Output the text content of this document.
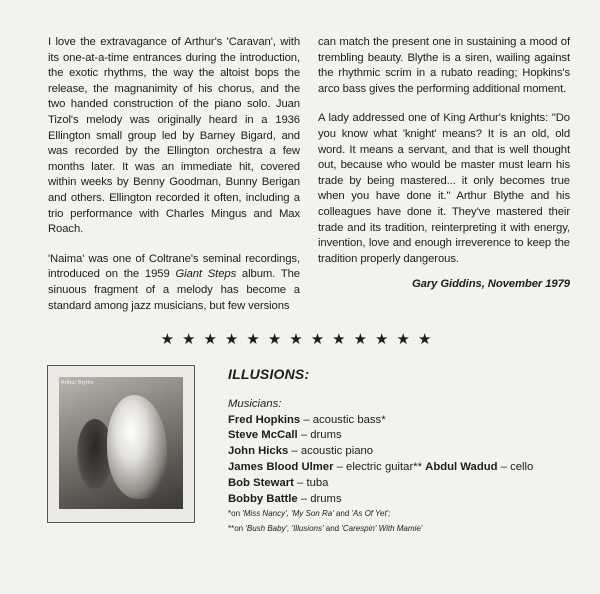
I love the extravagance of Arthur's 'Caravan', with its one-at-a-time entrances during the introduction, the exotic rhythms, the way the altoist bops the release, the magnanimity of his chorus, and the two handed construction of the piano solo. Juan Tizol's melody was originally heard in a 1936 Ellington small group led by Barney Bigard, and was recorded by the Ellington orchestra a few months later. It was an immediate hit, covered within weeks by Benny Goodman, Bunny Berigan and others. Ellington recorded it often, including a trio performance with Charles Mingus and Max Roach.

'Naima' was one of Coltrane's seminal recordings, introduced on the 1959 Giant Steps album. The sinuous fragment of a melody has become a standard among jazz musicians, but few versions

can match the present one in sustaining a mood of trembling beauty. Blythe is a siren, wailing against the rhythmic scrim in a rubato reading; Hopkins's arco bass gives the performing additional moment.

A lady addressed one of King Arthur's knights: "Do you know what 'knight' means? It is an old, old word. It means a servant, and that is well thought out, because who would be master must learn his trade by being mastered... it only becomes true when you have done it." Arthur Blythe and his colleagues have done it. They've mastered their trade and its tradition, reinterpreting it with energy, invention, love and enough irreverence to keep the tradition properly dangerous.

Gary Giddins, November 1979
★★★★★★★★★★★★★
Arthur Blythe
ILLUSIONS:
Musicians:
Fred Hopkins – acoustic bass*
Steve McCall – drums
John Hicks – acoustic piano
James Blood Ulmer – electric guitar** Abdul Wadud – cello
Bob Stewart – tuba
Bobby Battle – drums
*on 'Miss Nancy', 'My Son Ra' and 'As Of Yet';
**on 'Bush Baby', 'Illusions' and 'Carespin' With Mamie'
